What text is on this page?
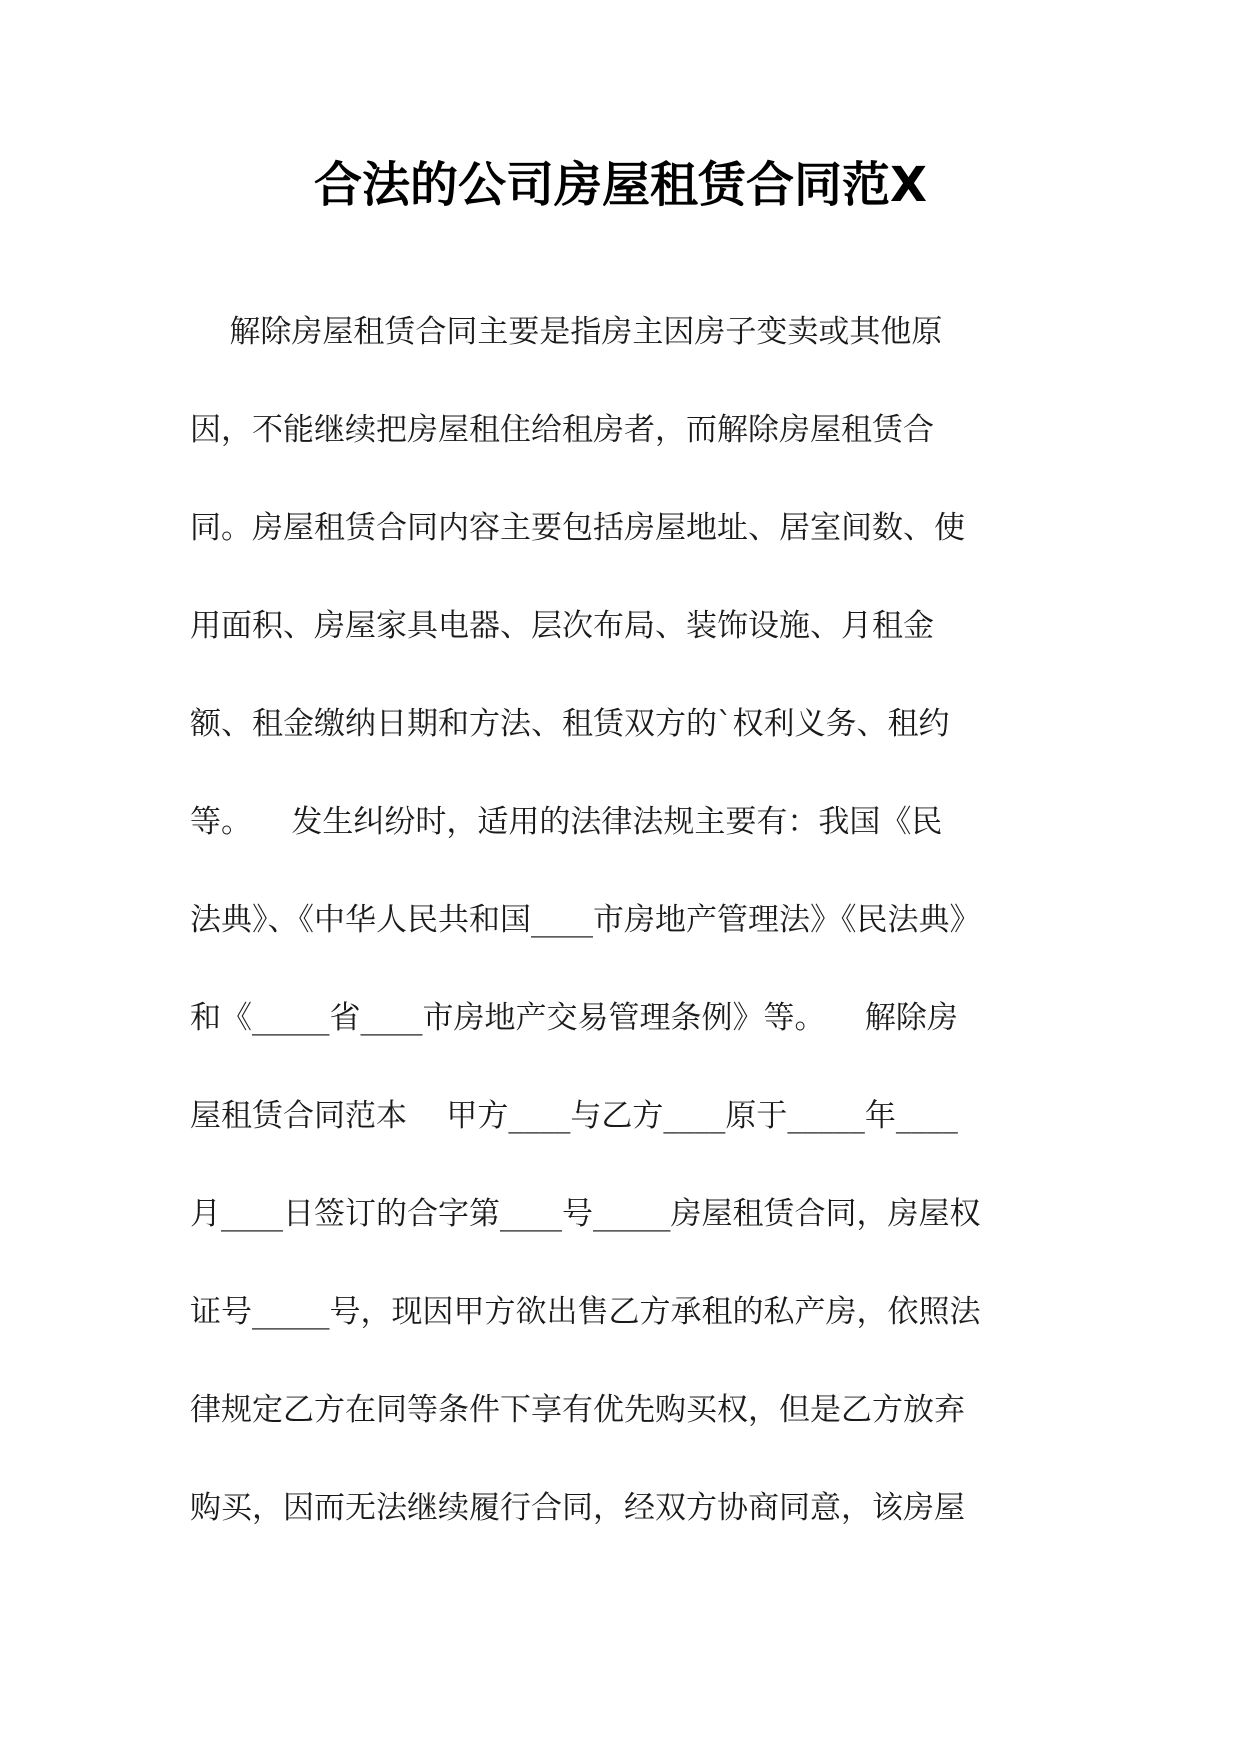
合法的公司房屋租赁合同范X
解除房屋租赁合同主要是指房主因房子变卖或其他原
因，不能继续把房屋租住给租房者，而解除房屋租赁合
同。房屋租赁合同内容主要包括房屋地址、居室间数、使
用面积、房屋家具电器、层次布局、装饰设施、月租金
额、租金缴纳日期和方法、租赁双方的`权利义务、租约
等。    发生纠纷时，适用的法律法规主要有：我国《民
法典》、《中华人民共和国____市房地产管理法》《民法典》
和《_____省____市房地产交易管理条例》等。    解除房
屋租赁合同范本    甲方____与乙方____原于_____年____
月____日签订的合字第____号_____房屋租赁合同，房屋权
证号_____号，现因甲方欲出售乙方承租的私产房，依照法
律规定乙方在同等条件下享有优先购买权，但是乙方放弃
购买，因而无法继续履行合同，经双方协商同意，该房屋
